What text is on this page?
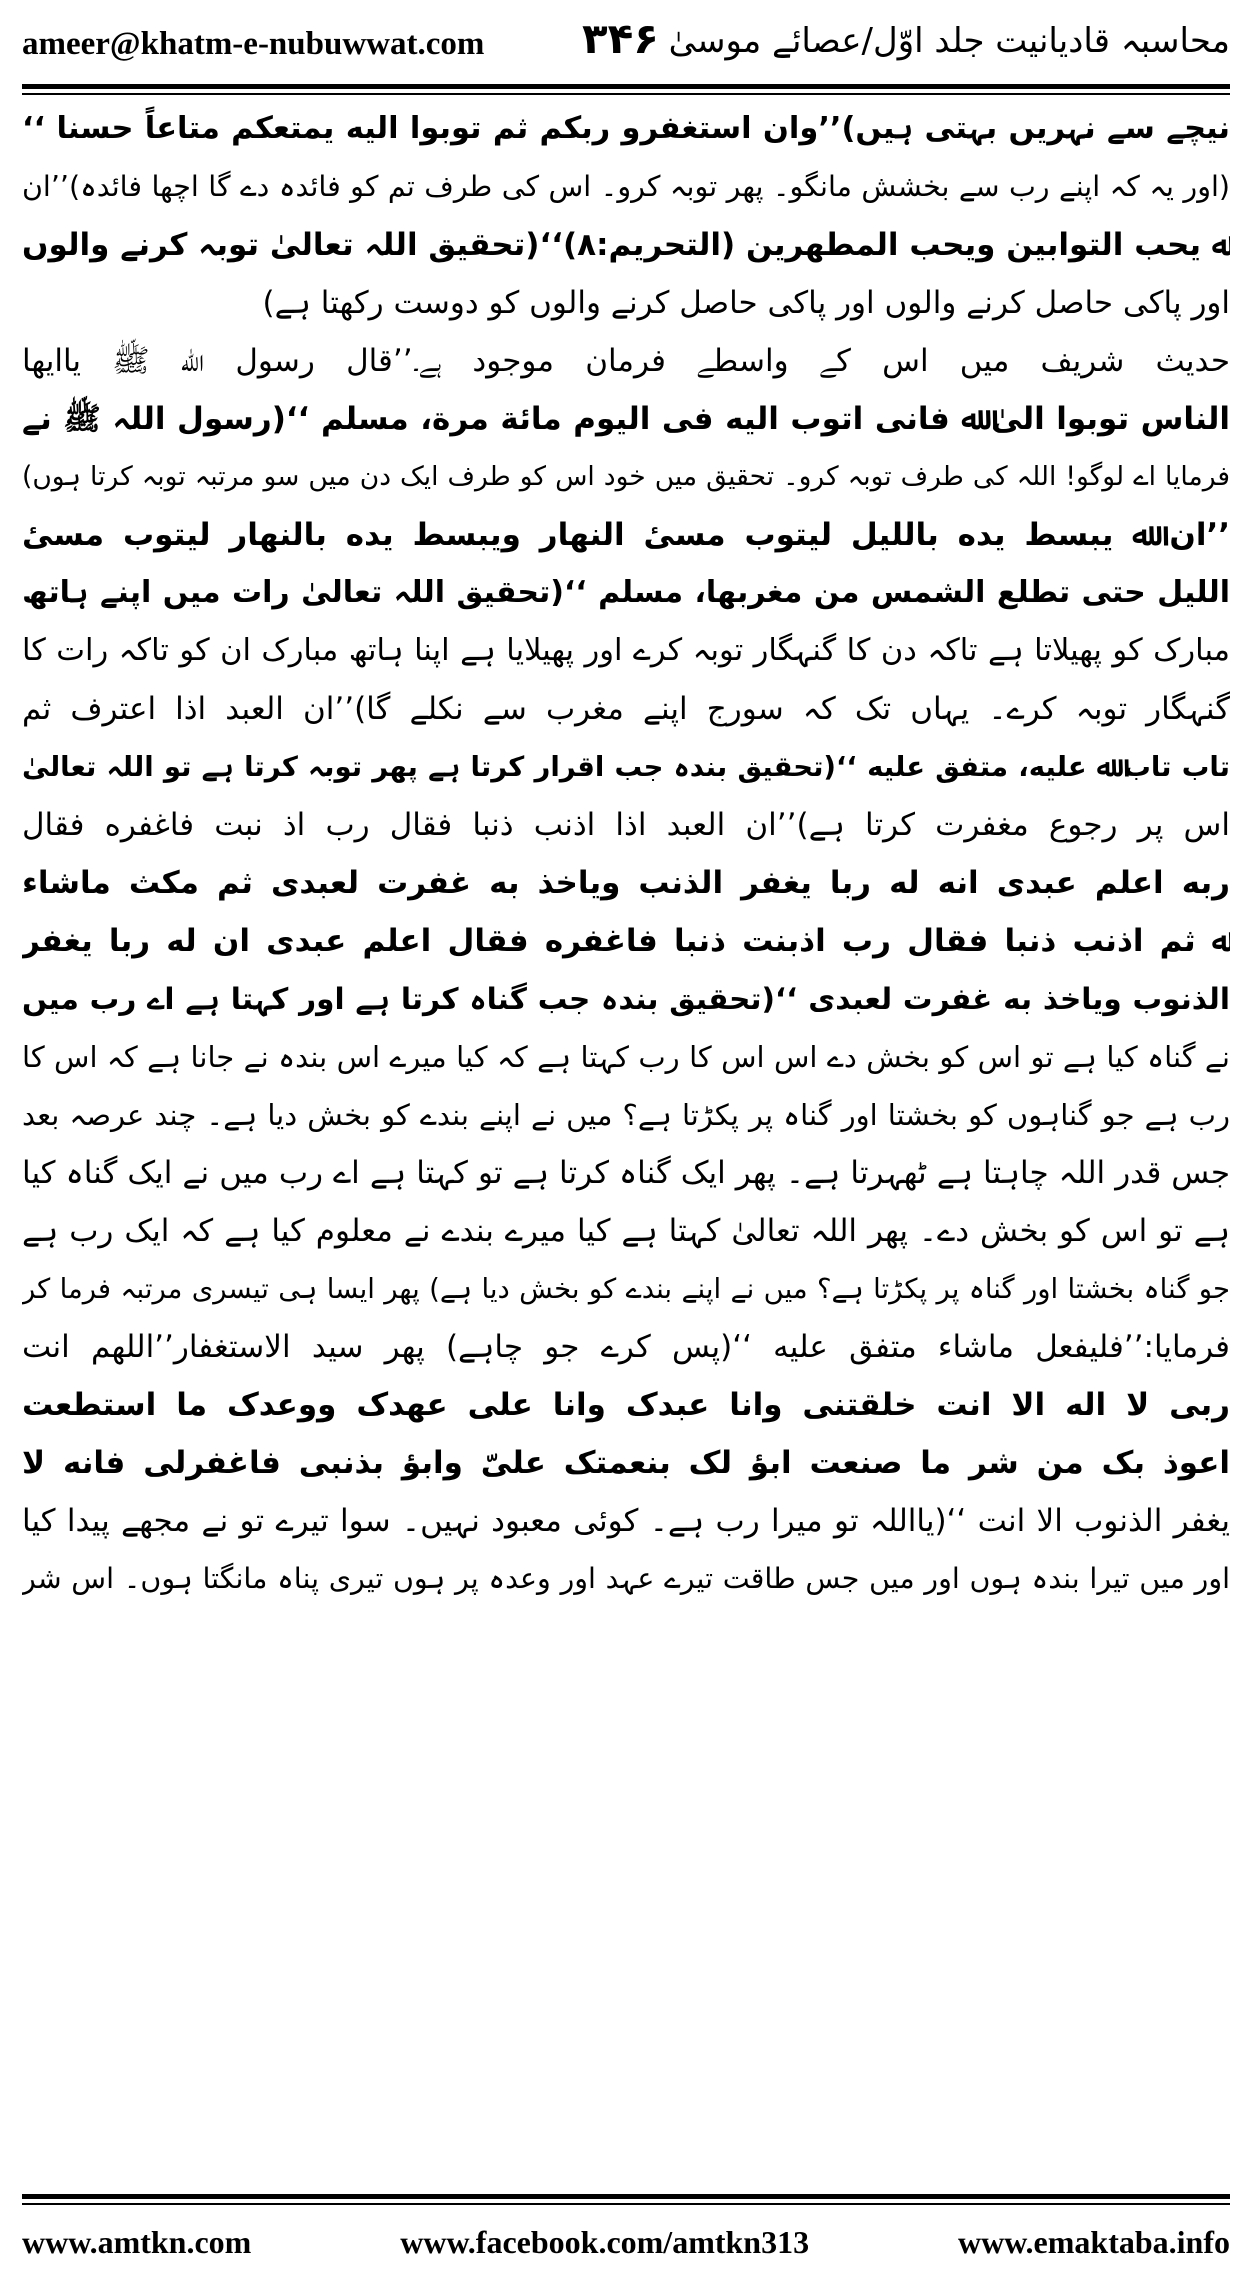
ameer@khatm-e-nubuwwat.com ۳۴۶ محاسبہ قادیانیت جلد اوّل/عصائے موسیٰ
نیچے سے نہریں بہتی ہیں)’’وان استغفرو ربکم ثم توبوا الیه یمتعکم متاعاً حسنا ‘‘
(اور یہ کہ اپنے رب سے بخشش مانگو۔ پھر توبہ کرو۔ اس کی طرف تم کو فائدہ دے گا اچھا فائدہ)’’ان
ﷲ یحب التوابین ویحب المطھرین (التحریم:۸)‘‘(تحقیق اللہ تعالیٰ توبہ کرنے والوں
اور پاکی حاصل کرنے والوں اور پاکی حاصل کرنے والوں کو دوست رکھتا ہے)
حدیث شریف میں اس کے واسطے فرمان موجود ہے۔’’قال رسول ﷲ ﷺ یاایھا
الناس توبوا الیٰ ﷲ فانی اتوب الیه فی الیوم مائة مرة، مسلم ‘‘(رسول اللہ ﷺ نے
فرمایا اے لوگو! اللہ کی طرف توبہ کرو۔ تحقیق میں خود اس کو طرف ایک دن میں سو مرتبہ توبہ کرتا ہوں)
’’ان ﷲ یبسط یده باللیل لیتوب مسیٔ النھار ویبسط یده بالنھار لیتوب مسیٔ
اللیل حتی تطلع الشمس من مغربھا، مسلم ‘‘(تحقیق اللہ تعالیٰ رات میں اپنے ہاتھ
مبارک کو پھیلاتا ہے تاکہ دن کا گنہگار توبہ کرے اور پھیلایا ہے اپنا ہاتھ مبارک ان کو تاکہ رات کا
گنہگار توبہ کرے۔ یہاں تک کہ سورج اپنے مغرب سے نکلے گا)’’ان العبد اذا اعترف ثم
تاب تاب ﷲ علیه، متفق علیه ‘‘(تحقیق بندہ جب اقرار کرتا ہے پھر توبہ کرتا ہے تو اللہ تعالیٰ
اس پر رجوع مغفرت کرتا ہے)’’ان العبد اذا اذنب ذنبا فقال رب اذ نبت فاغفره فقال
ربه اعلم عبدی انه له ربا یغفر الذنب ویاخذ به غفرت لعبدی ثم مکث ماشاء
ﷲ ثم اذنب ذنبا فقال رب اذبنت ذنبا فاغفره فقال اعلم عبدی ان له ربا یغفر
الذنوب ویاخذ به غفرت لعبدی ‘‘(تحقیق بندہ جب گناہ کرتا ہے اور کہتا ہے اے رب میں
نے گناہ کیا ہے تو اس کو بخش دے اس اس کا رب کہتا ہے کہ کیا میرے اس بندہ نے جانا ہے کہ اس کا
رب ہے جو گناہوں کو بخشتا اور گناہ پر پکڑتا ہے؟ میں نے اپنے بندے کو بخش دیا ہے۔ چند عرصہ بعد
جس قدر اللہ چاہتا ہے ٹھہرتا ہے۔ پھر ایک گناہ کرتا ہے تو کہتا ہے اے رب میں نے ایک گناہ کیا
ہے تو اس کو بخش دے۔ پھر اللہ تعالیٰ کہتا ہے کیا میرے بندے نے معلوم کیا ہے کہ ایک رب ہے
جو گناہ بخشتا اور گناہ پر پکڑتا ہے؟ میں نے اپنے بندے کو بخش دیا ہے) پھر ایسا ہی تیسری مرتبہ فرما کر
فرمایا:’’فلیفعل ماشاء متفق علیه ‘‘(پس کرے جو چاہے) پھر سید الاستغفار’’اللھم انت
ربی لا اله الا انت خلقتنی وانا عبدک وانا علی عھدک ووعدک ما استطعت
اعوذ بک من شر ما صنعت ابؤ لک بنعمتک علیّ وابؤ بذنبی فاغفرلی فانه لا
یغفر الذنوب الا انت ‘‘(یااللہ تو میرا رب ہے۔ کوئی معبود نہیں۔ سوا تیرے تو نے مجھے پیدا کیا
اور میں تیرا بندہ ہوں اور میں جس طاقت تیرے عہد اور وعدہ پر ہوں تیری پناہ مانگتا ہوں۔ اس شر
www.amtkn.com	www.facebook.com/amtkn313	www.emaktaba.info
